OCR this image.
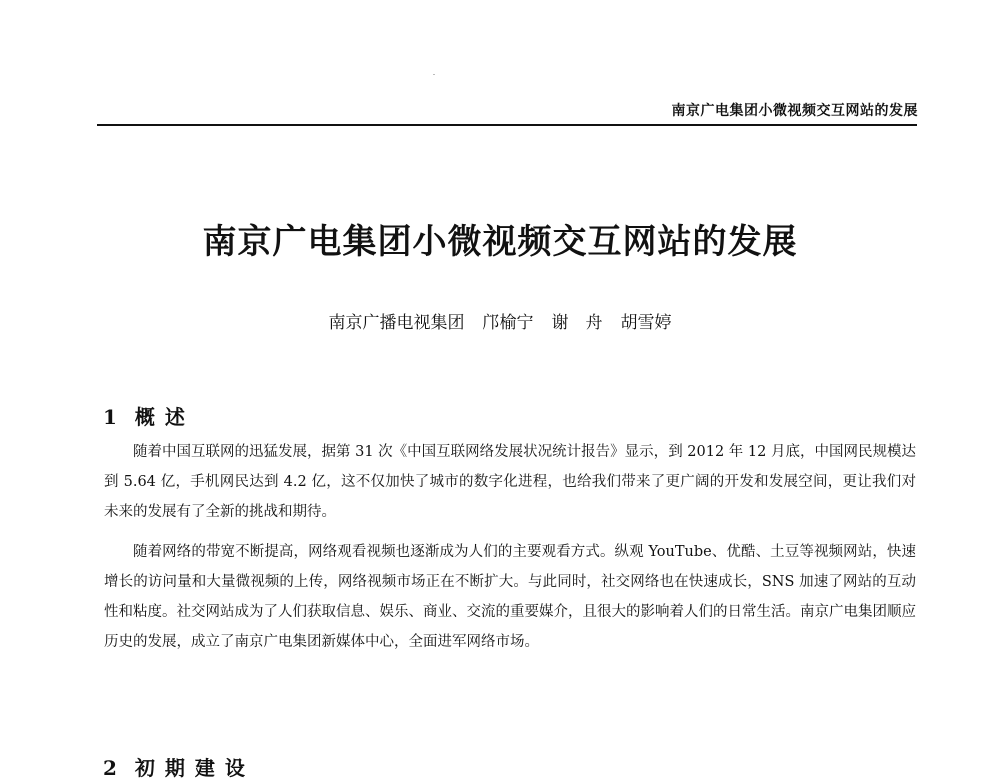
南京广电集团小微视频交互网站的发展
南京广电集团小微视频交互网站的发展
南京广播电视集团 邝榆宁 谢　舟 胡雪婷
1 概述

随着中国互联网的迅猛发展，据第 31 次《中国互联网络发展状况统计报告》显示，到 2012 年 12 月底，中国网民规模达到 5.64 亿，手机网民达到 4.2 亿，这不仅加快了城市的数字化进程，也给我们带来了更广阔的开发和发展空间，更让我们对未来的发展有了全新的挑战和期待。

随着网络的带宽不断提高，网络观看视频也逐渐成为人们的主要观看方式。纵观 YouTube、优酷、土豆等视频网站，快速增长的访问量和大量微视频的上传，网络视频市场正在不断扩大。与此同时，社交网络也在快速成长，SNS 加速了网站的互动性和粘度。社交网站成为了人们获取信息、娱乐、商业、交流的重要媒介，且很大的影响着人们的日常生活。南京广电集团顺应历史的发展，成立了南京广电集团新媒体中心，全面进军网络市场。

2 初期建设
